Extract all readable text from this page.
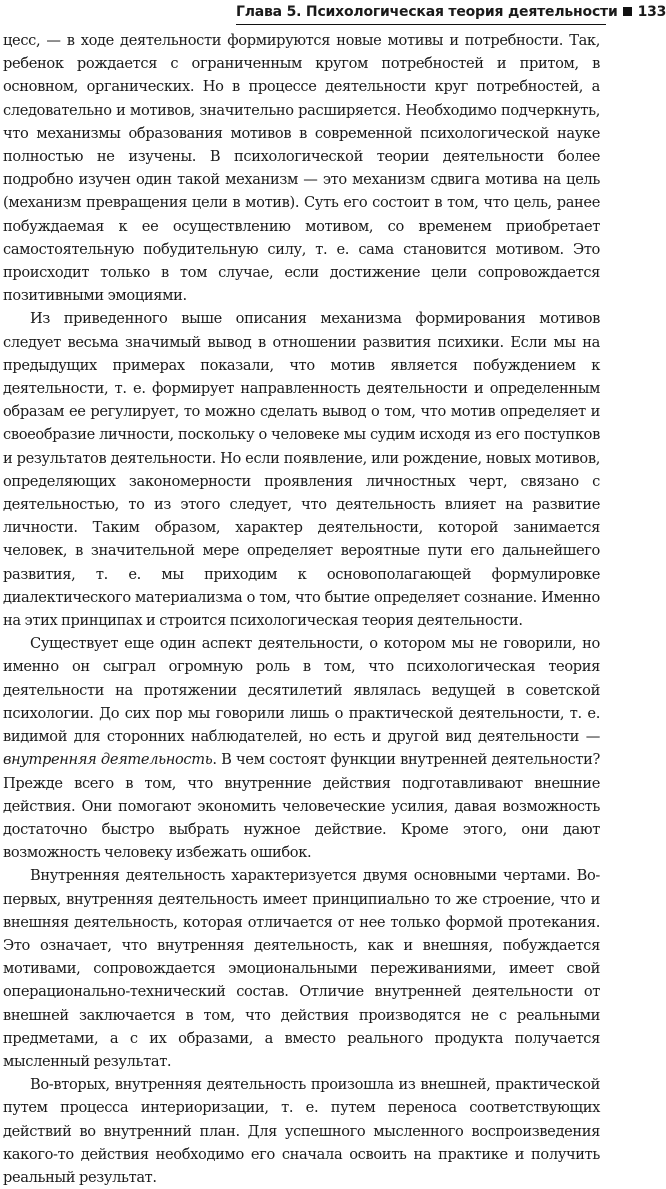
Глава 5. Психологическая теория деятельности 133

цесс, — в ходе деятельности формируются новые мотивы и потребности. Так, ребенок рождается с ограниченным кругом потребностей и притом, в основном, органических. Но в процессе деятельности круг потребностей, а следовательно и мотивов, значительно расширяется. Необходимо подчеркнуть, что механизмы образования мотивов в современной психологической науке полностью не изучены. В психологической теории деятельности более подробно изучен один такой механизм — это механизм сдвига мотива на цель (механизм превращения цели в мотив). Суть его состоит в том, что цель, ранее побуждаемая к ее осуществлению мотивом, со временем приобретает самостоятельную побудительную силу, т. е. сама становится мотивом. Это происходит только в том случае, если достижение цели сопровождается позитивными эмоциями.

Из приведенного выше описания механизма формирования мотивов следует весьма значимый вывод в отношении развития психики. Если мы на предыдущих примерах показали, что мотив является побуждением к деятельности, т. е. формирует направленность деятельности и определенным образам ее регулирует, то можно сделать вывод о том, что мотив определяет и своеобразие личности, поскольку о человеке мы судим исходя из его поступков и результатов деятельности. Но если появление, или рождение, новых мотивов, определяющих закономерности проявления личностных черт, связано с деятельностью, то из этого следует, что деятельность влияет на развитие личности. Таким образом, характер деятельности, которой занимается человек, в значительной мере определяет вероятные пути его дальнейшего развития, т. е. мы приходим к основополагающей формулировке диалектического материализма о том, что бытие определяет сознание. Именно на этих принципах и строится психологическая теория деятельности.

Существует еще один аспект деятельности, о котором мы не говорили, но именно он сыграл огромную роль в том, что психологическая теория деятельности на протяжении десятилетий являлась ведущей в советской психологии. До сих пор мы говорили лишь о практической деятельности, т. е. видимой для сторонних наблюдателей, но есть и другой вид деятельности — внутренняя деятельность. В чем состоят функции внутренней деятельности? Прежде всего в том, что внутренние действия подготавливают внешние действия. Они помогают экономить человеческие усилия, давая возможность достаточно быстро выбрать нужное действие. Кроме этого, они дают возможность человеку избежать ошибок.

Внутренняя деятельность характеризуется двумя основными чертами. Во-первых, внутренняя деятельность имеет принципиально то же строение, что и внешняя деятельность, которая отличается от нее только формой протекания. Это означает, что внутренняя деятельность, как и внешняя, побуждается мотивами, сопровождается эмоциональными переживаниями, имеет свой операционально-технический состав. Отличие внутренней деятельности от внешней заключается в том, что действия производятся не с реальными предметами, а с их образами, а вместо реального продукта получается мысленный результат.

Во-вторых, внутренняя деятельность произошла из внешней, практической путем процесса интериоризации, т. е. путем переноса соответствующих действий во внутренний план. Для успешного мысленного воспроизведения какого-то действия необходимо его сначала освоить на практике и получить реальный результат.
